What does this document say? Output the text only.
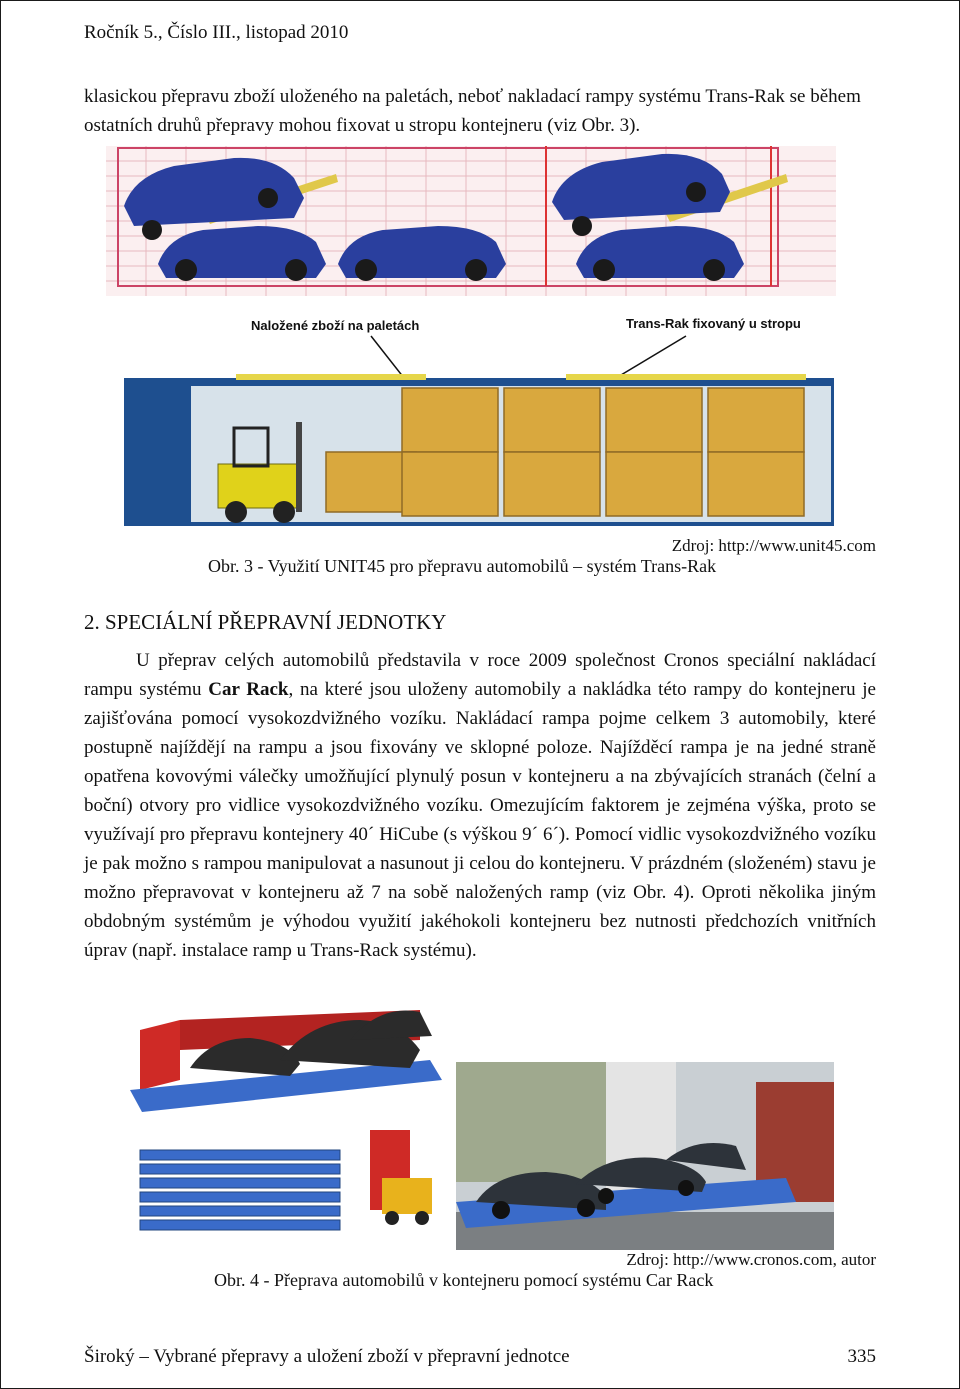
Ročník 5., Číslo III., listopad 2010
klasickou přepravu zboží uloženého na paletách, neboť nakladací rampy systému Trans-Rak se během ostatních druhů přepravy mohou fixovat u stropu kontejneru (viz Obr. 3).
Naložené zboží na paletách	Trans-Rak fixovaný u stropu
Zdroj: http://www.unit45.com
Obr. 3 - Využití UNIT45 pro přepravu automobilů – systém Trans-Rak
2. SPECIÁLNÍ PŘEPRAVNÍ JEDNOTKY
U přeprav celých automobilů představila v roce 2009 společnost Cronos speciální nakládací rampu systému Car Rack, na které jsou uloženy automobily a nakládka této rampy do kontejneru je zajišťována pomocí vysokozdvižného vozíku. Nakládací rampa pojme celkem 3 automobily, které postupně najíždějí na rampu a jsou fixovány ve sklopné poloze. Najížděcí rampa je na jedné straně opatřena kovovými válečky umožňující plynulý posun v kontejneru a na zbývajících stranách (čelní a boční) otvory pro vidlice vysokozdvižného vozíku. Omezujícím faktorem je zejména výška, proto se využívají pro přepravu kontejnery 40´ HiCube (s výškou 9´ 6´). Pomocí vidlic vysokozdvižného vozíku je pak možno s rampou manipulovat a nasunout ji celou do kontejneru. V prázdném (složeném) stavu je možno přepravovat v kontejneru až 7 na sobě naložených ramp (viz Obr. 4). Oproti několika jiným obdobným systémům je výhodou využití jakéhokoli kontejneru bez nutnosti předchozích vnitřních úprav (např. instalace ramp u Trans-Rack systému).
Zdroj: http://www.cronos.com, autor
Obr. 4 - Přeprava automobilů v kontejneru pomocí systému Car Rack
Široký – Vybrané přepravy a uložení zboží v přepravní jednotce	335
